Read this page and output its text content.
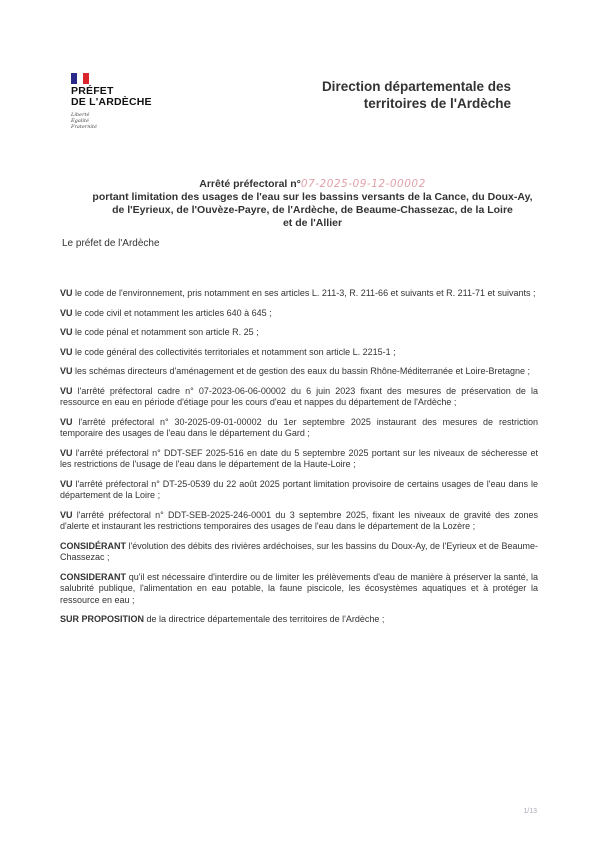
PRÉFET
DE L'ARDÈCHE
Liberté
Égalité
Fraternité
Direction départementale des
territoires de l'Ardèche
Arrêté préfectoral n°07-2025-09-12-00002
portant limitation des usages de l'eau sur les bassins versants de la Cance, du Doux-Ay,
de l'Eyrieux, de l'Ouvèze-Payre, de l'Ardèche, de Beaume-Chassezac, de la Loire
et de l'Allier
Le préfet de l'Ardèche

VU le code de l'environnement, pris notamment en ses articles L. 211-3, R. 211-66 et suivants et R. 211-71 et suivants ;

VU le code civil et notamment les articles 640 à 645 ;

VU le code pénal et notamment son article R. 25 ;

VU le code général des collectivités territoriales et notamment son article L. 2215-1 ;

VU les schémas directeurs d'aménagement et de gestion des eaux du bassin Rhône-Méditerranée et Loire-Bretagne ;

VU l'arrêté préfectoral cadre n° 07-2023-06-06-00002 du 6 juin 2023 fixant des mesures de préservation de la ressource en eau en période d'étiage pour les cours d'eau et nappes du département de l'Ardèche ;

VU l'arrêté préfectoral n° 30-2025-09-01-00002 du 1er septembre 2025 instaurant des mesures de restriction temporaire des usages de l'eau dans le département du Gard ;

VU l'arrêté préfectoral n° DDT-SEF 2025-516 en date du 5 septembre 2025 portant sur les niveaux de sécheresse et les restrictions de l'usage de l'eau dans le département de la Haute-Loire ;

VU l'arrêté préfectoral n° DT-25-0539 du 22 août 2025 portant limitation provisoire de certains usages de l'eau dans le département de la Loire ;

VU l'arrêté préfectoral n° DDT-SEB-2025-246-0001 du 3 septembre 2025, fixant les niveaux de gravité des zones d'alerte et instaurant les restrictions temporaires des usages de l'eau dans le département de la Lozère ;

CONSIDÉRANT l'évolution des débits des rivières ardéchoises, sur les bassins du Doux-Ay, de l'Eyrieux et de Beaume-Chassezac ;

CONSIDERANT qu'il est nécessaire d'interdire ou de limiter les prélèvements d'eau de manière à préserver la santé, la salubrité publique, l'alimentation en eau potable, la faune piscicole, les écosystèmes aquatiques et à protéger la ressource en eau ;

SUR PROPOSITION de la directrice départementale des territoires de l'Ardèche ;

1/13
